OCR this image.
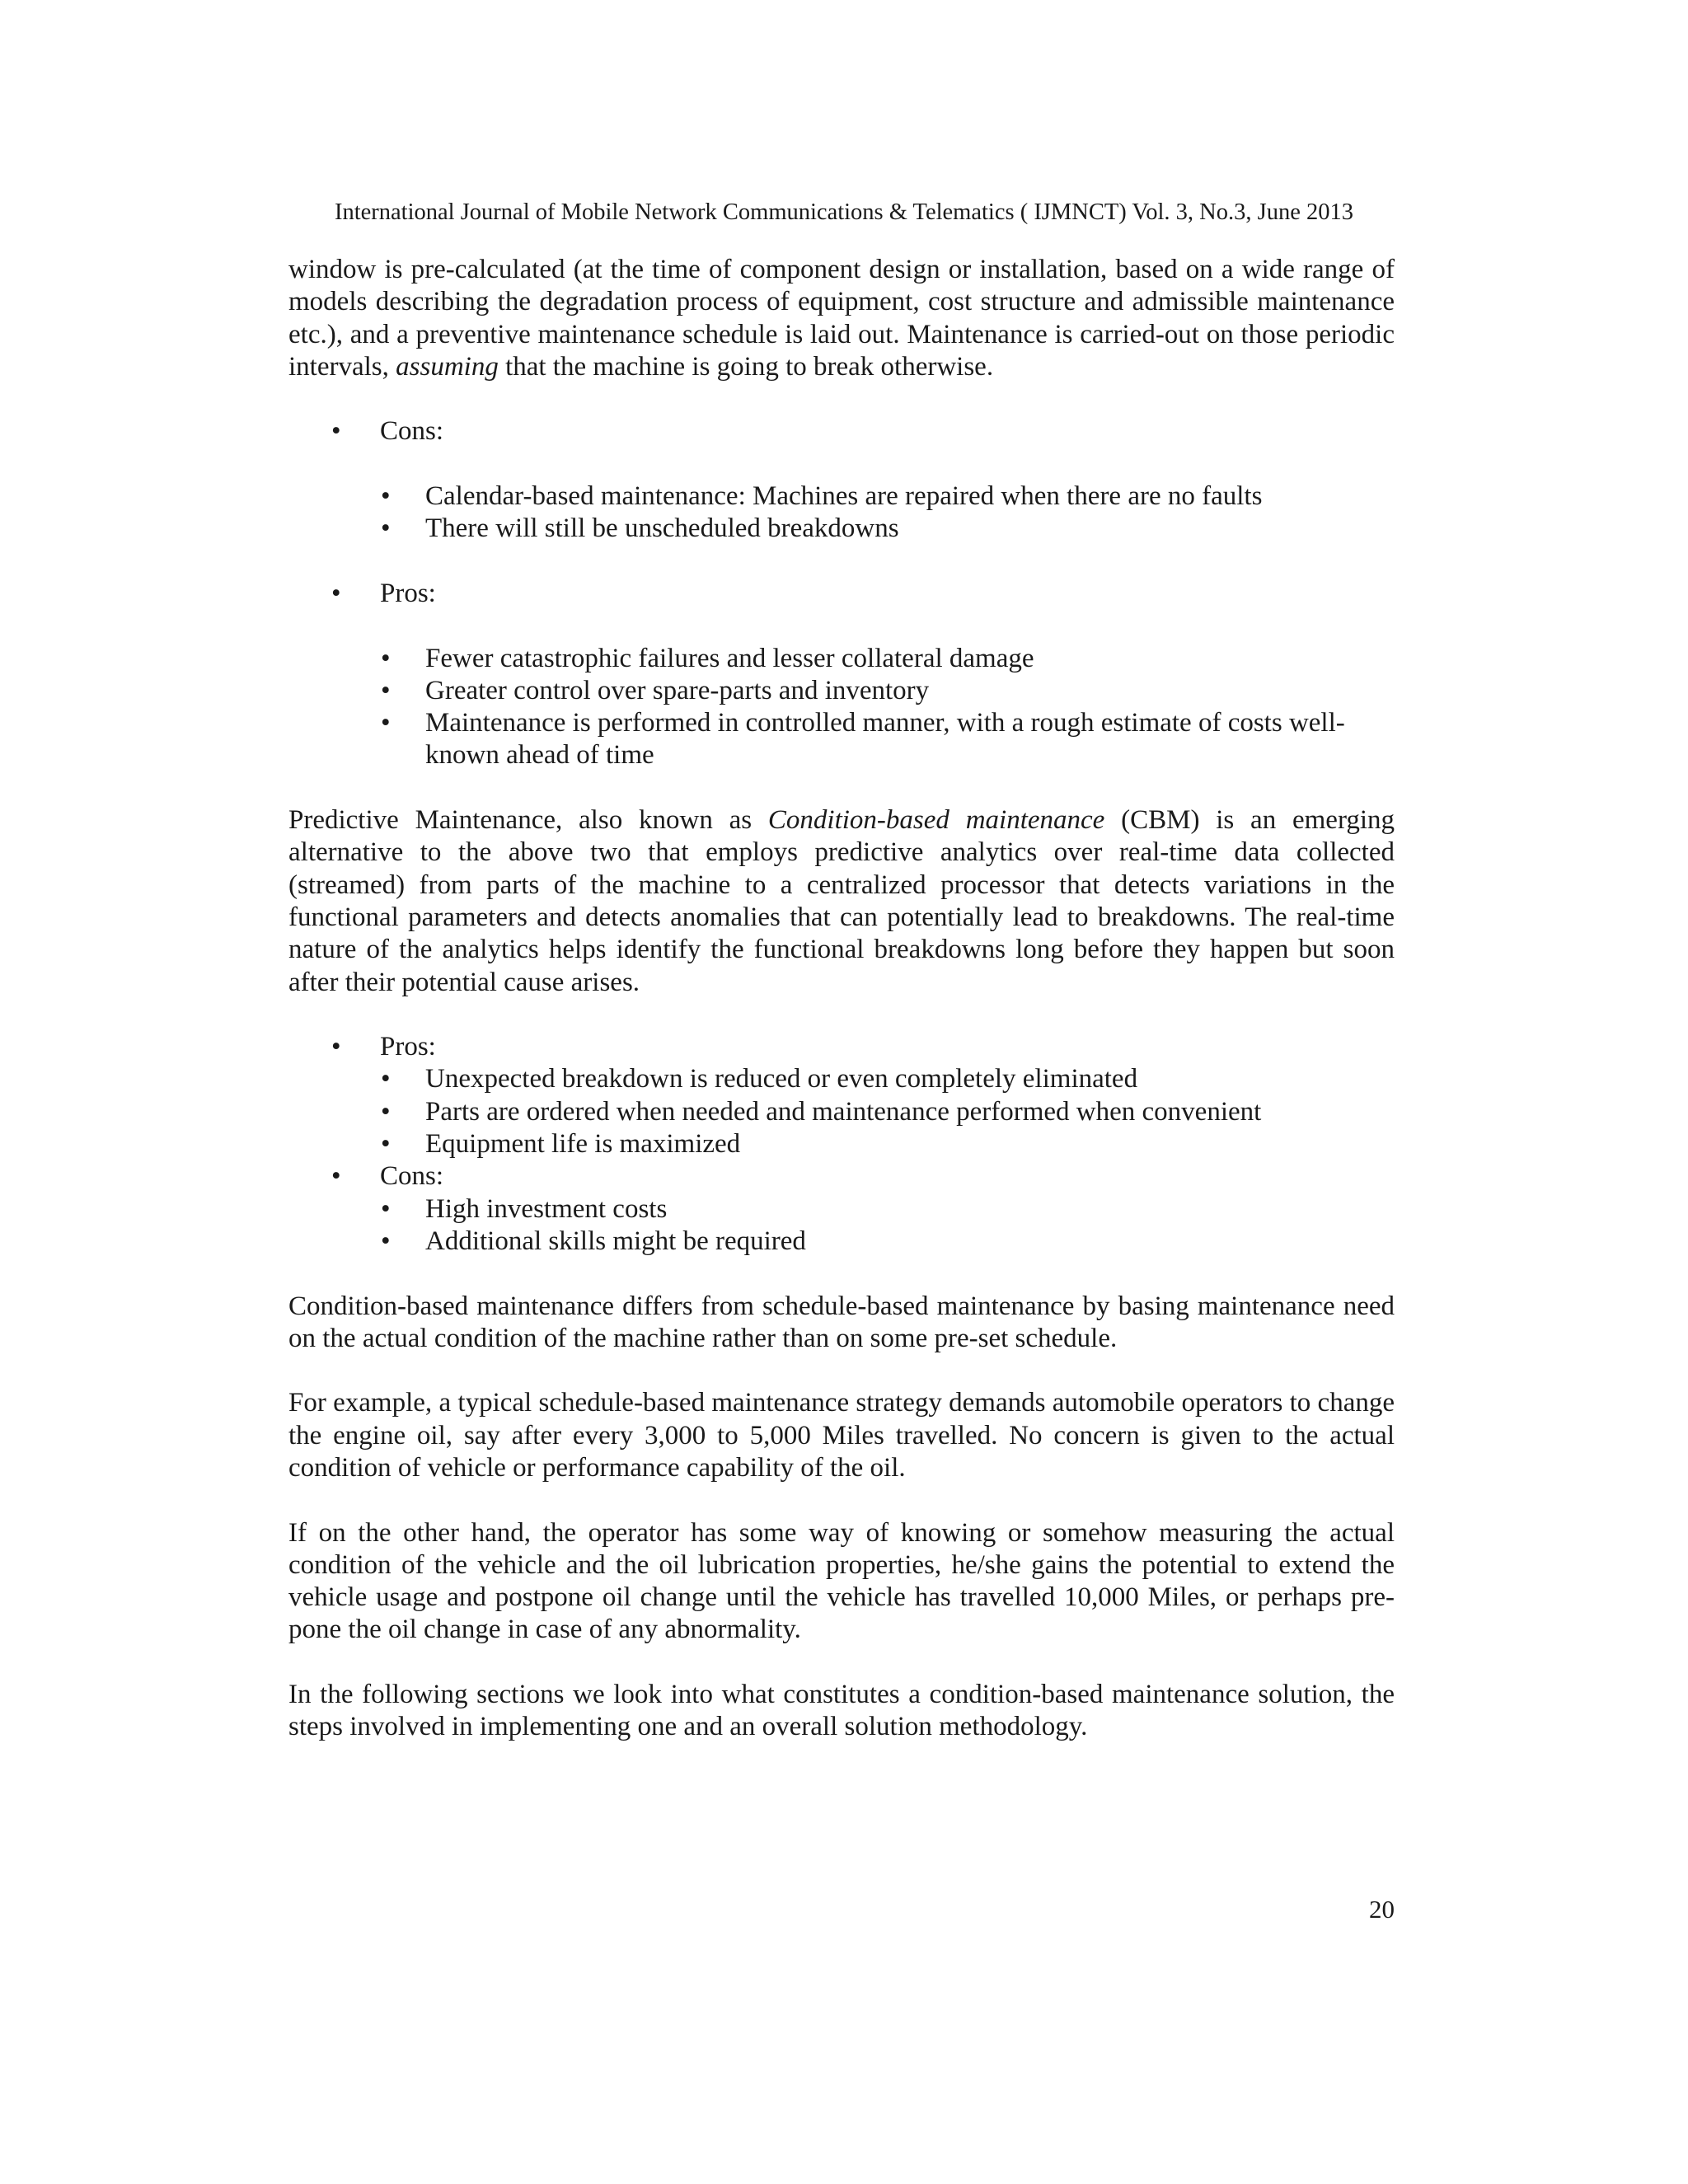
International Journal of Mobile Network Communications & Telematics ( IJMNCT) Vol. 3, No.3, June 2013

window is pre-calculated (at the time of component design or installation, based on a wide range of models describing the degradation process of equipment, cost structure and admissible maintenance etc.), and a preventive maintenance schedule is laid out. Maintenance is carried-out on those periodic intervals, assuming that the machine is going to break otherwise.

• Cons:
• Calendar-based maintenance: Machines are repaired when there are no faults
• There will still be unscheduled breakdowns
• Pros:
• Fewer catastrophic failures and lesser collateral damage
• Greater control over spare-parts and inventory
• Maintenance is performed in controlled manner, with a rough estimate of costs well-known ahead of time

Predictive Maintenance, also known as Condition-based maintenance (CBM) is an emerging alternative to the above two that employs predictive analytics over real-time data collected (streamed) from parts of the machine to a centralized processor that detects variations in the functional parameters and detects anomalies that can potentially lead to breakdowns. The real-time nature of the analytics helps identify the functional breakdowns long before they happen but soon after their potential cause arises.

• Pros:
• Unexpected breakdown is reduced or even completely eliminated
• Parts are ordered when needed and maintenance performed when convenient
• Equipment life is maximized
• Cons:
• High investment costs
• Additional skills might be required

Condition-based maintenance differs from schedule-based maintenance by basing maintenance need on the actual condition of the machine rather than on some pre-set schedule.

For example, a typical schedule-based maintenance strategy demands automobile operators to change the engine oil, say after every 3,000 to 5,000 Miles travelled. No concern is given to the actual condition of vehicle or performance capability of the oil.

If on the other hand, the operator has some way of knowing or somehow measuring the actual condition of the vehicle and the oil lubrication properties, he/she gains the potential to extend the vehicle usage and postpone oil change until the vehicle has travelled 10,000 Miles, or perhaps pre-pone the oil change in case of any abnormality.

In the following sections we look into what constitutes a condition-based maintenance solution, the steps involved in implementing one and an overall solution methodology.

20
